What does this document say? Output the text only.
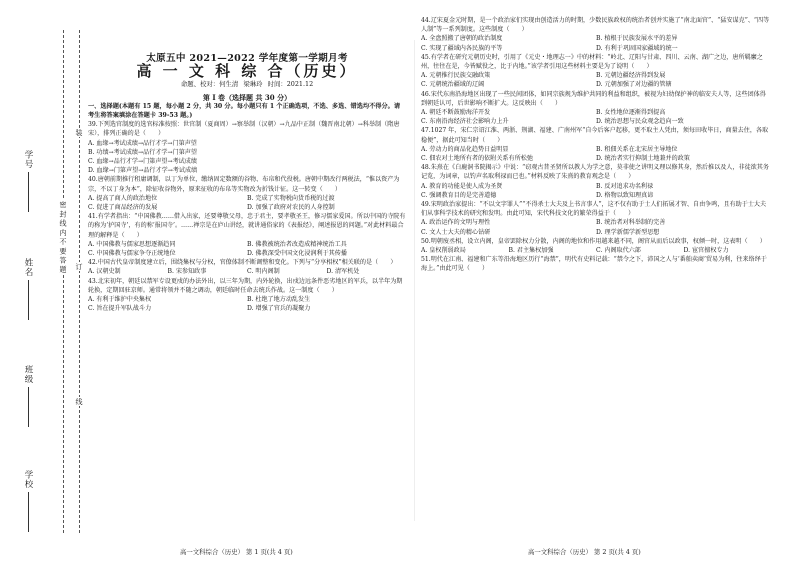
学校
班级
姓名
学号
密 封 线 内 不 要 答 题
装
订
线
太原五中 2021—2022 学年度第一学期月考
高 一 文 科 综 合（历史）
命题、校对：何生清 梁琳玲 时间：2021.12
第 I 卷（选择题 共 30 分）
一、选择题(本题有 15 题，每小题 2 分，共 30 分。每小题只有 1 个正确选项，不选、多选、错选均不得分。请考生将答案填涂在答题卡 39-53 题。)
39.下列选官制度的选官标准按照：世官制（夏商周）→察举制（汉朝）→九品中正制（魏晋南北朝）→科举制（隋唐宋），排列正确的是（　　）
A. 血缘→考试成绩→品行才学→门第声望
B. 功绩→考试成绩→品行才学→门第声望
C. 血缘→品行才学→门第声望→考试成绩
D. 血缘→门第声望→品行才学→考试成绩
40.唐朝前期推行租庸调制，以丁为单位，缴纳固定数额的谷物、布帛和代役税。唐朝中期改行两税法，“惟以资产为宗，不以丁身为本”，除征收谷物外，原来征收的布帛等实物改为折钱计征。这一转变（　　）
A. 提高了商人的政治地位	B. 完成了实物税向货币税的过渡
C. 促进了商品经济的发展	D. 加强了政府对农民的人身控制
41.有学者指出：“中国佛教……借入出家，还要尊敬父母，忠于君主，要孝敬圣王，修习儒家爱国。所以中国的寺院有的称为‘护国寺’，有的称‘报国寺’。……禅宗是在庐山讲经，就讲通俗家的《表报经》，阐述报恩的问题。”对此材料最合理的解释是（　　）
A. 中国佛教与儒家思想逐渐趋同	B. 佛教被统治者改造成精神统治工具
C. 中国佛教与儒家争夺正统地位	D. 佛教深受中国文化浸润利于其传播
42.中国古代皇帝制度建立后，围绕集权与分权，官僚体制不断调整和变化。下列与“分享相权”相关联的是（　　）
A. 汉朝史制	B. 宋参知政事	C. 明内阁制	D. 清军机处
43.北宋初年，朝廷以禁军专设更戍的办法外出，以三年为期，内外轮换，出戍边远条件恶劣地区的军兵，以半年为期轮换，定期回驻京师。通常将领并不随之调动，朝廷临时任命去统兵作战。这一制度（　　）
A. 有利于维护中央集权	B. 杜绝了地方动乱发生
C. 旨在提升军队战斗力	D. 增强了官兵的凝聚力
44.辽宋夏金元时期，是一个政治家们实现由创造活力的时期，少数民族政权的统治者创并实施了“南北面官”、“猛安谋克”、“四等人制”等一系列制度。这些制度（　　）
A. 全盘照搬了唐朝的政治制度	B. 植根于民族发展水平的差异
C. 实现了疆域内各民族的平等	D. 有利于巩固国家疆域的统一
45.有学者在研究元朝历史时，引用了《元史・地理志一》中的材料：“岭北、辽阳与甘肃、四川、云南、湖广之边，唐所羁縻之州，往往在是，今皆赋役之，比于内地。”该学者引用这些材料主要是为了说明（　　）
A. 元朝推行民族交融政策	B. 元朝边疆经济得到发展
C. 元朝统治疆域的辽阔	D. 元朝加强了对边疆的管辖
46.宋代东南沿海地区出现了一些民间团体，如同宗族规为维护共同的利益和组织，被视为妇幼保护神的临安夫人等，这些团体得到朝廷认可，后世影响不断扩大。这反映出（　　）
A. 朝廷不断鼓励海洋开发	B. 女性地位逐渐得到提高
C. 东南沿海经济社会影响力上升	D. 统治思想与民众观念趋向一致
47.1027 年，宋仁宗诏江淮、两浙、荆湖、福建、广南州军“自今后客户起移，更不取主人凭由，须每田收毕日，商量去住，各取稳便”，据此可知当时（　　）
A. 劳动力的商品化趋势日益明显	B. 租佃关系在北宋居主导地位
C. 佃农对土地所有者的依附关系有所松弛	D. 统治者实行抑制土地兼并的政策
48.朱熹在《白鹿洞书院揭示》中说：“窃观古昔圣贤所以教人为学之意，莫非使之讲明义理以修其身，然后推以及人，非徒欲其务记览，为词章，以钓声名取利禄而已也。”材料反映了朱熹的教育观念是（　　）
A. 教育的功能是使人成为圣贤	B. 反对追求功名利禄
C. 强调教育目的是完善道德	D. 格物以致知理真谛
49.宋明政治家提出：“不以文字罪人”“不得杀士大夫及上书言事人”，这不仅有助于士人们拓展才智、自由争鸣，且有助于士大夫们从事科学技术的研究和发明。由此可知，宋代科技文化的繁荣得益于（　　）
A. 政治运作的文明与理性	B. 统治者对科举制的完善
C. 文人士大夫的精心钻研	D. 理学新儒学新型思想
50.明朝废丞相，设立内阁，皇帝罢除权力分散，内阁的地位和作用越来越不同，阁官从而后以政事，权倾一时，这表明（　　）
A. 皇权削弱政局	B. 君主集权加强	C. 内阁取代六部	D. 宦官擅权专力
51.明代在江南、福建和广东等沿海地区历行“海禁”，明代有史料记载：“禁令之下，沛国之人与‘番舶卖商’贸易为利，往来络绎于海上。”由此可见（　　）
高一文科综合（历史） 第 1 页(共 4 页)	高一文科综合（历史） 第 2 页(共 4 页)
